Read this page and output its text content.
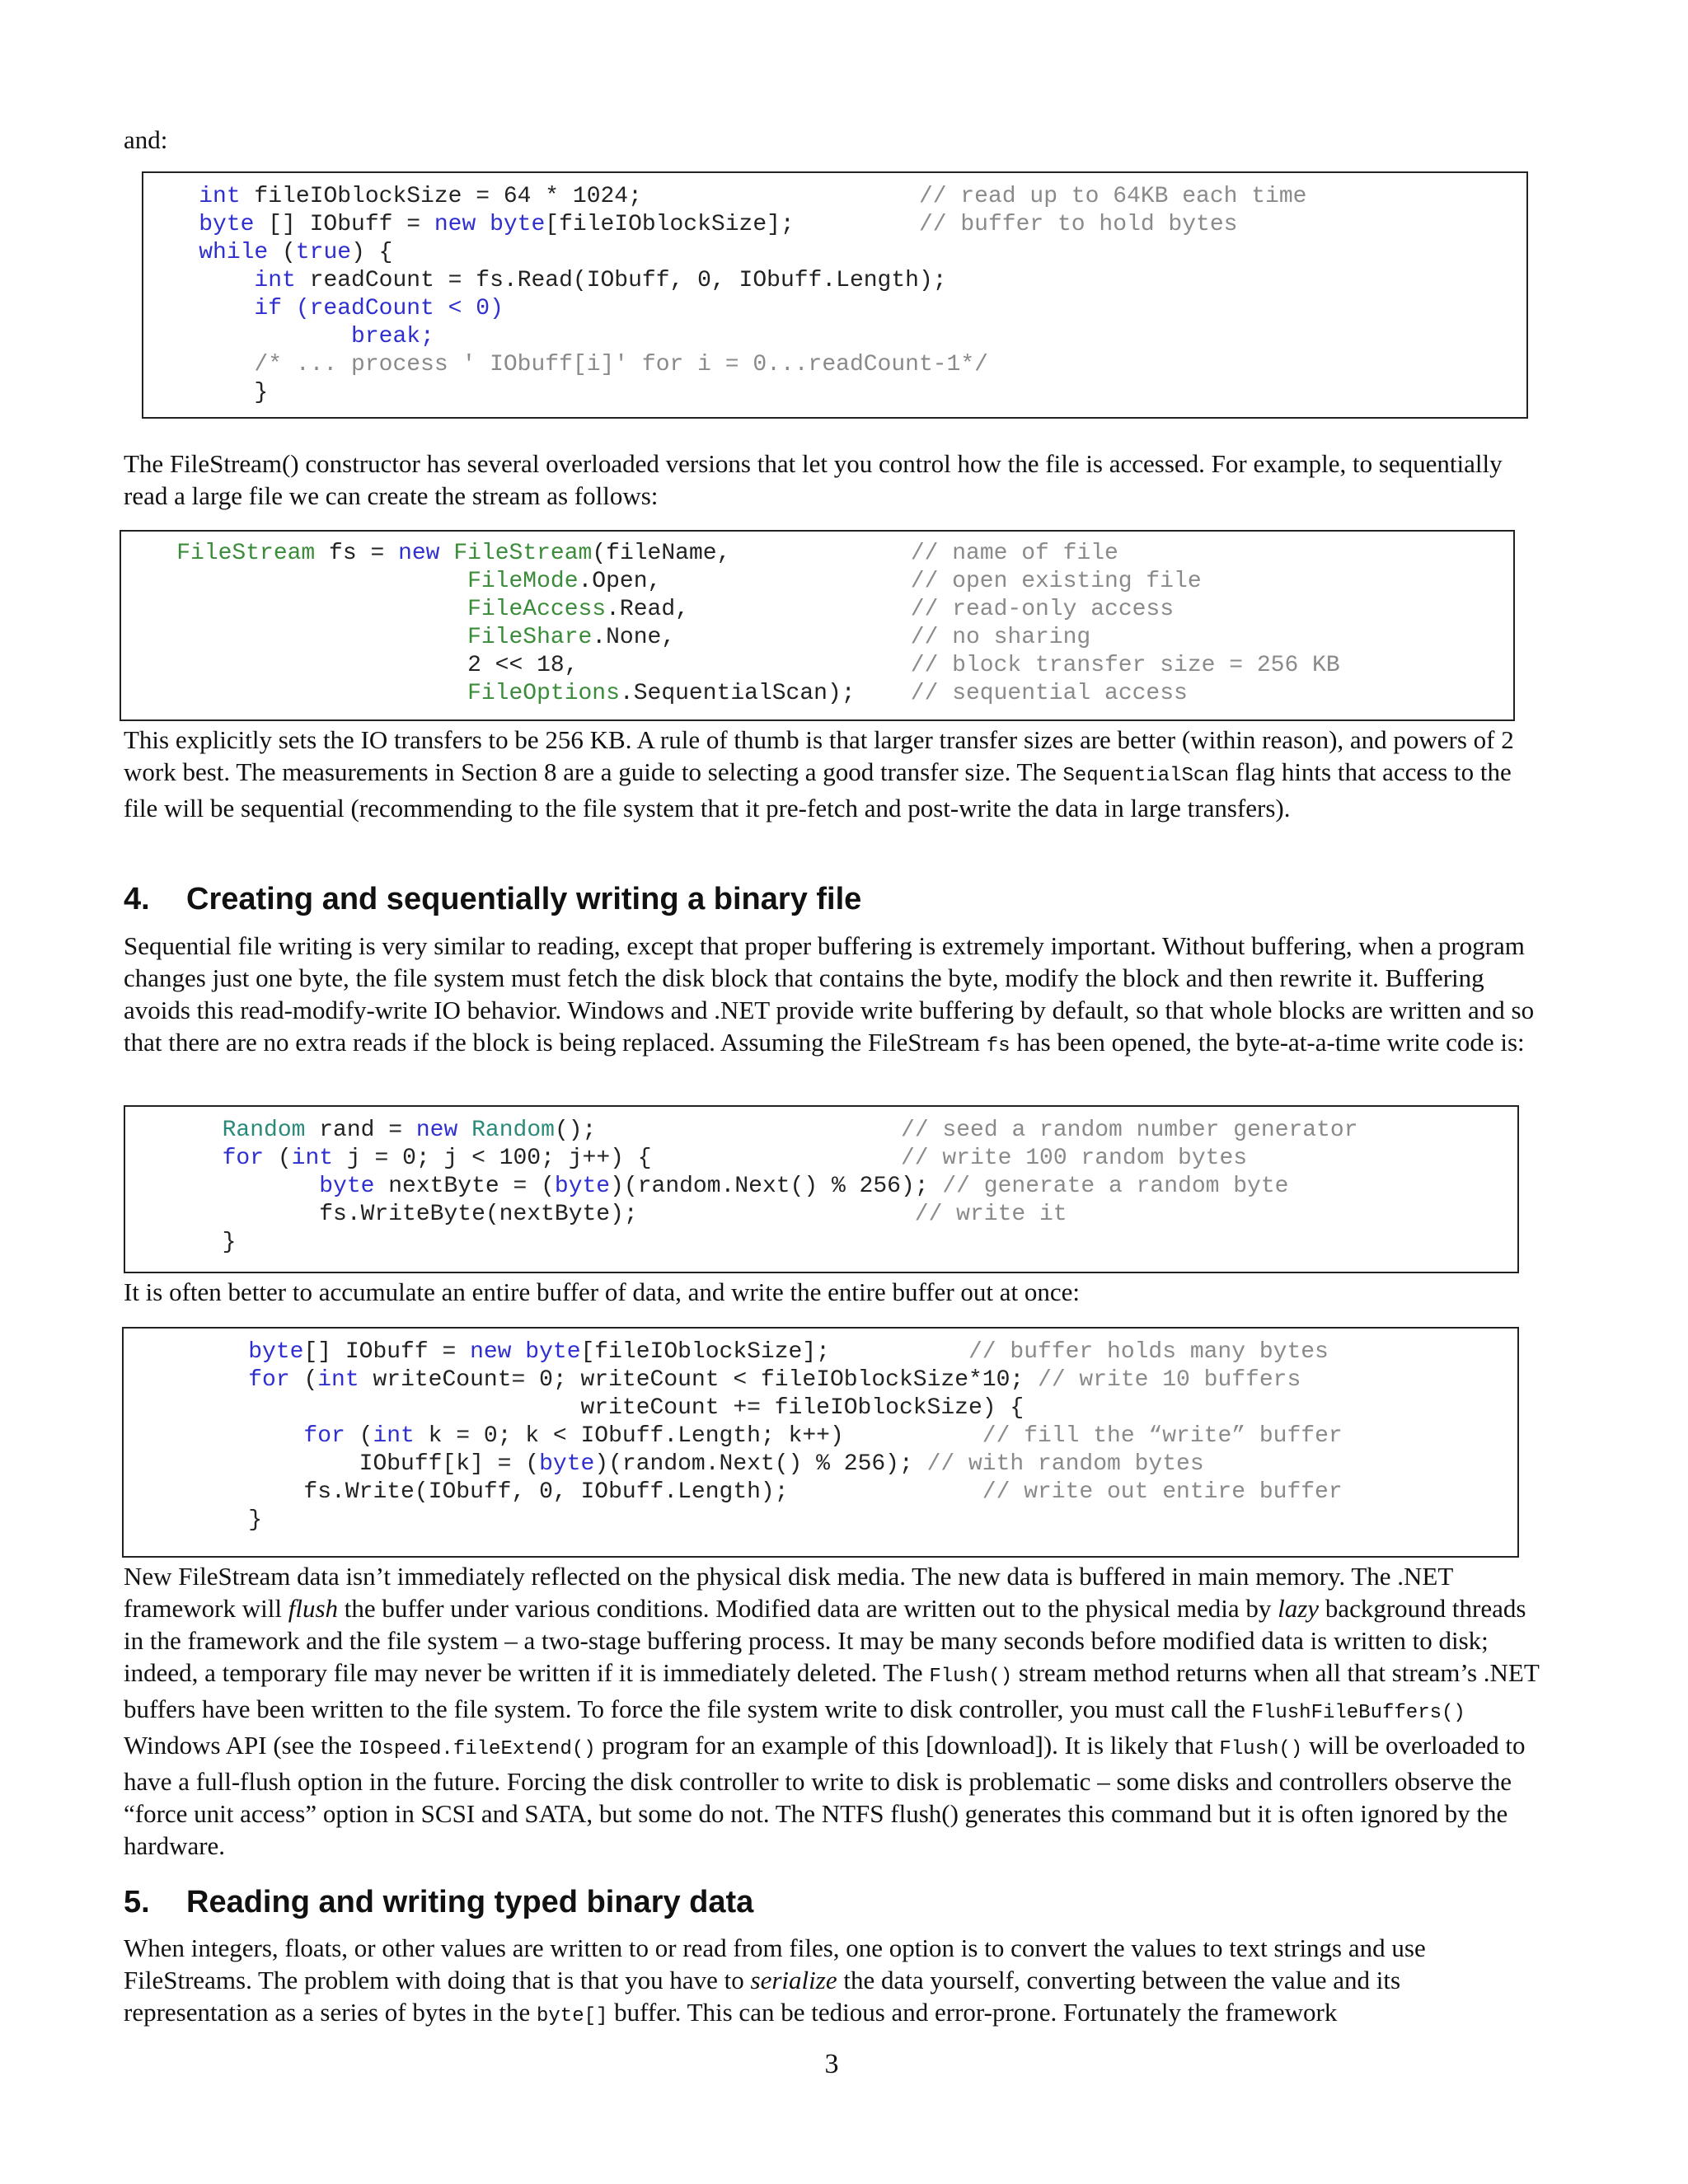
and:

int fileIOblockSize = 64 * 1024;                    // read up to 64KB each time
byte [] IObuff = new byte[fileIOblockSize];         // buffer to hold bytes
while (true) {
int readCount = fs.Read(IObuff, 0, IObuff.Length);
if (readCount < 0)
break;
/* ... process ' IObuff[i]' for i = 0...readCount-1*/
}

The FileStream() constructor has several overloaded versions that let you control how the file is accessed. For example, to sequentially read a large file we can create the stream as follows:

FileStream fs = new FileStream(fileName,             // name of file
FileMode.Open,                  // open existing file
FileAccess.Read,                // read-only access
FileShare.None,                 // no sharing
2 << 18,                        // block transfer size = 256 KB
FileOptions.SequentialScan);    // sequential access

This explicitly sets the IO transfers to be 256 KB. A rule of thumb is that larger transfer sizes are better (within reason), and powers of 2 work best. The measurements in Section 8 are a guide to selecting a good transfer size. The SequentialScan flag hints that access to the file will be sequential (recommending to the file system that it pre-fetch and post-write the data in large transfers).

4. Creating and sequentially writing a binary file

Sequential file writing is very similar to reading, except that proper buffering is extremely important. Without buffering, when a program changes just one byte, the file system must fetch the disk block that contains the byte, modify the block and then rewrite it. Buffering avoids this read-modify-write IO behavior. Windows and .NET provide write buffering by default, so that whole blocks are written and so that there are no extra reads if the block is being replaced. Assuming the FileStream fs has been opened, the byte-at-a-time write code is:

Random rand = new Random();                      // seed a random number generator
for (int j = 0; j < 100; j++) {                  // write 100 random bytes
byte nextByte = (byte)(random.Next() % 256); // generate a random byte
fs.WriteByte(nextByte);                    // write it
}

It is often better to accumulate an entire buffer of data, and write the entire buffer out at once:

byte[] IObuff = new byte[fileIOblockSize];          // buffer holds many bytes
for (int writeCount= 0; writeCount < fileIOblockSize*10; // write 10 buffers
writeCount += fileIOblockSize) {
for (int k = 0; k < IObuff.Length; k++)          // fill the “write” buffer
IObuff[k] = (byte)(random.Next() % 256); // with random bytes
fs.Write(IObuff, 0, IObuff.Length);              // write out entire buffer
}

New FileStream data isn’t immediately reflected on the physical disk media. The new data is buffered in main memory. The .NET framework will flush the buffer under various conditions. Modified data are written out to the physical media by lazy background threads in the framework and the file system – a two-stage buffering process. It may be many seconds before modified data is written to disk; indeed, a temporary file may never be written if it is immediately deleted. The Flush() stream method returns when all that stream’s .NET buffers have been written to the file system. To force the file system write to disk controller, you must call the FlushFileBuffers() Windows API (see the IOspeed.fileExtend() program for an example of this [download]). It is likely that Flush() will be overloaded to have a full-flush option in the future. Forcing the disk controller to write to disk is problematic – some disks and controllers observe the “force unit access” option in SCSI and SATA, but some do not. The NTFS flush() generates this command but it is often ignored by the hardware.

5. Reading and writing typed binary data

When integers, floats, or other values are written to or read from files, one option is to convert the values to text strings and use FileStreams. The problem with doing that is that you have to serialize the data yourself, converting between the value and its representation as a series of bytes in the byte[] buffer. This can be tedious and error-prone. Fortunately the framework

3
